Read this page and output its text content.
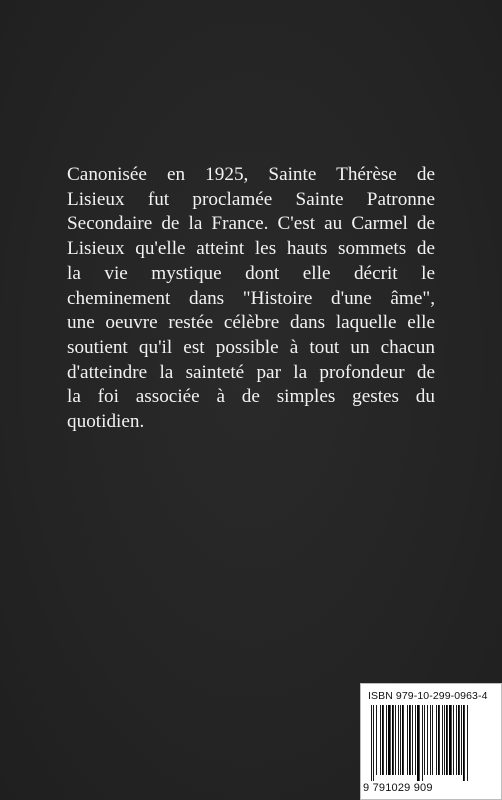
Canonisée en 1925, Sainte Thérèse de
Lisieux fut proclamée Sainte Patronne
Secondaire de la France. C'est au Carmel de
Lisieux qu'elle atteint les hauts sommets de
la vie mystique dont elle décrit le
cheminement dans "Histoire d'une âme",
une oeuvre restée célèbre dans laquelle elle
soutient qu'il est possible à tout un chacun
d'atteindre la sainteté par la profondeur de
la foi associée à de simples gestes du
quotidien.

ISBN 979-10-299-0963-4
9 791029 909
